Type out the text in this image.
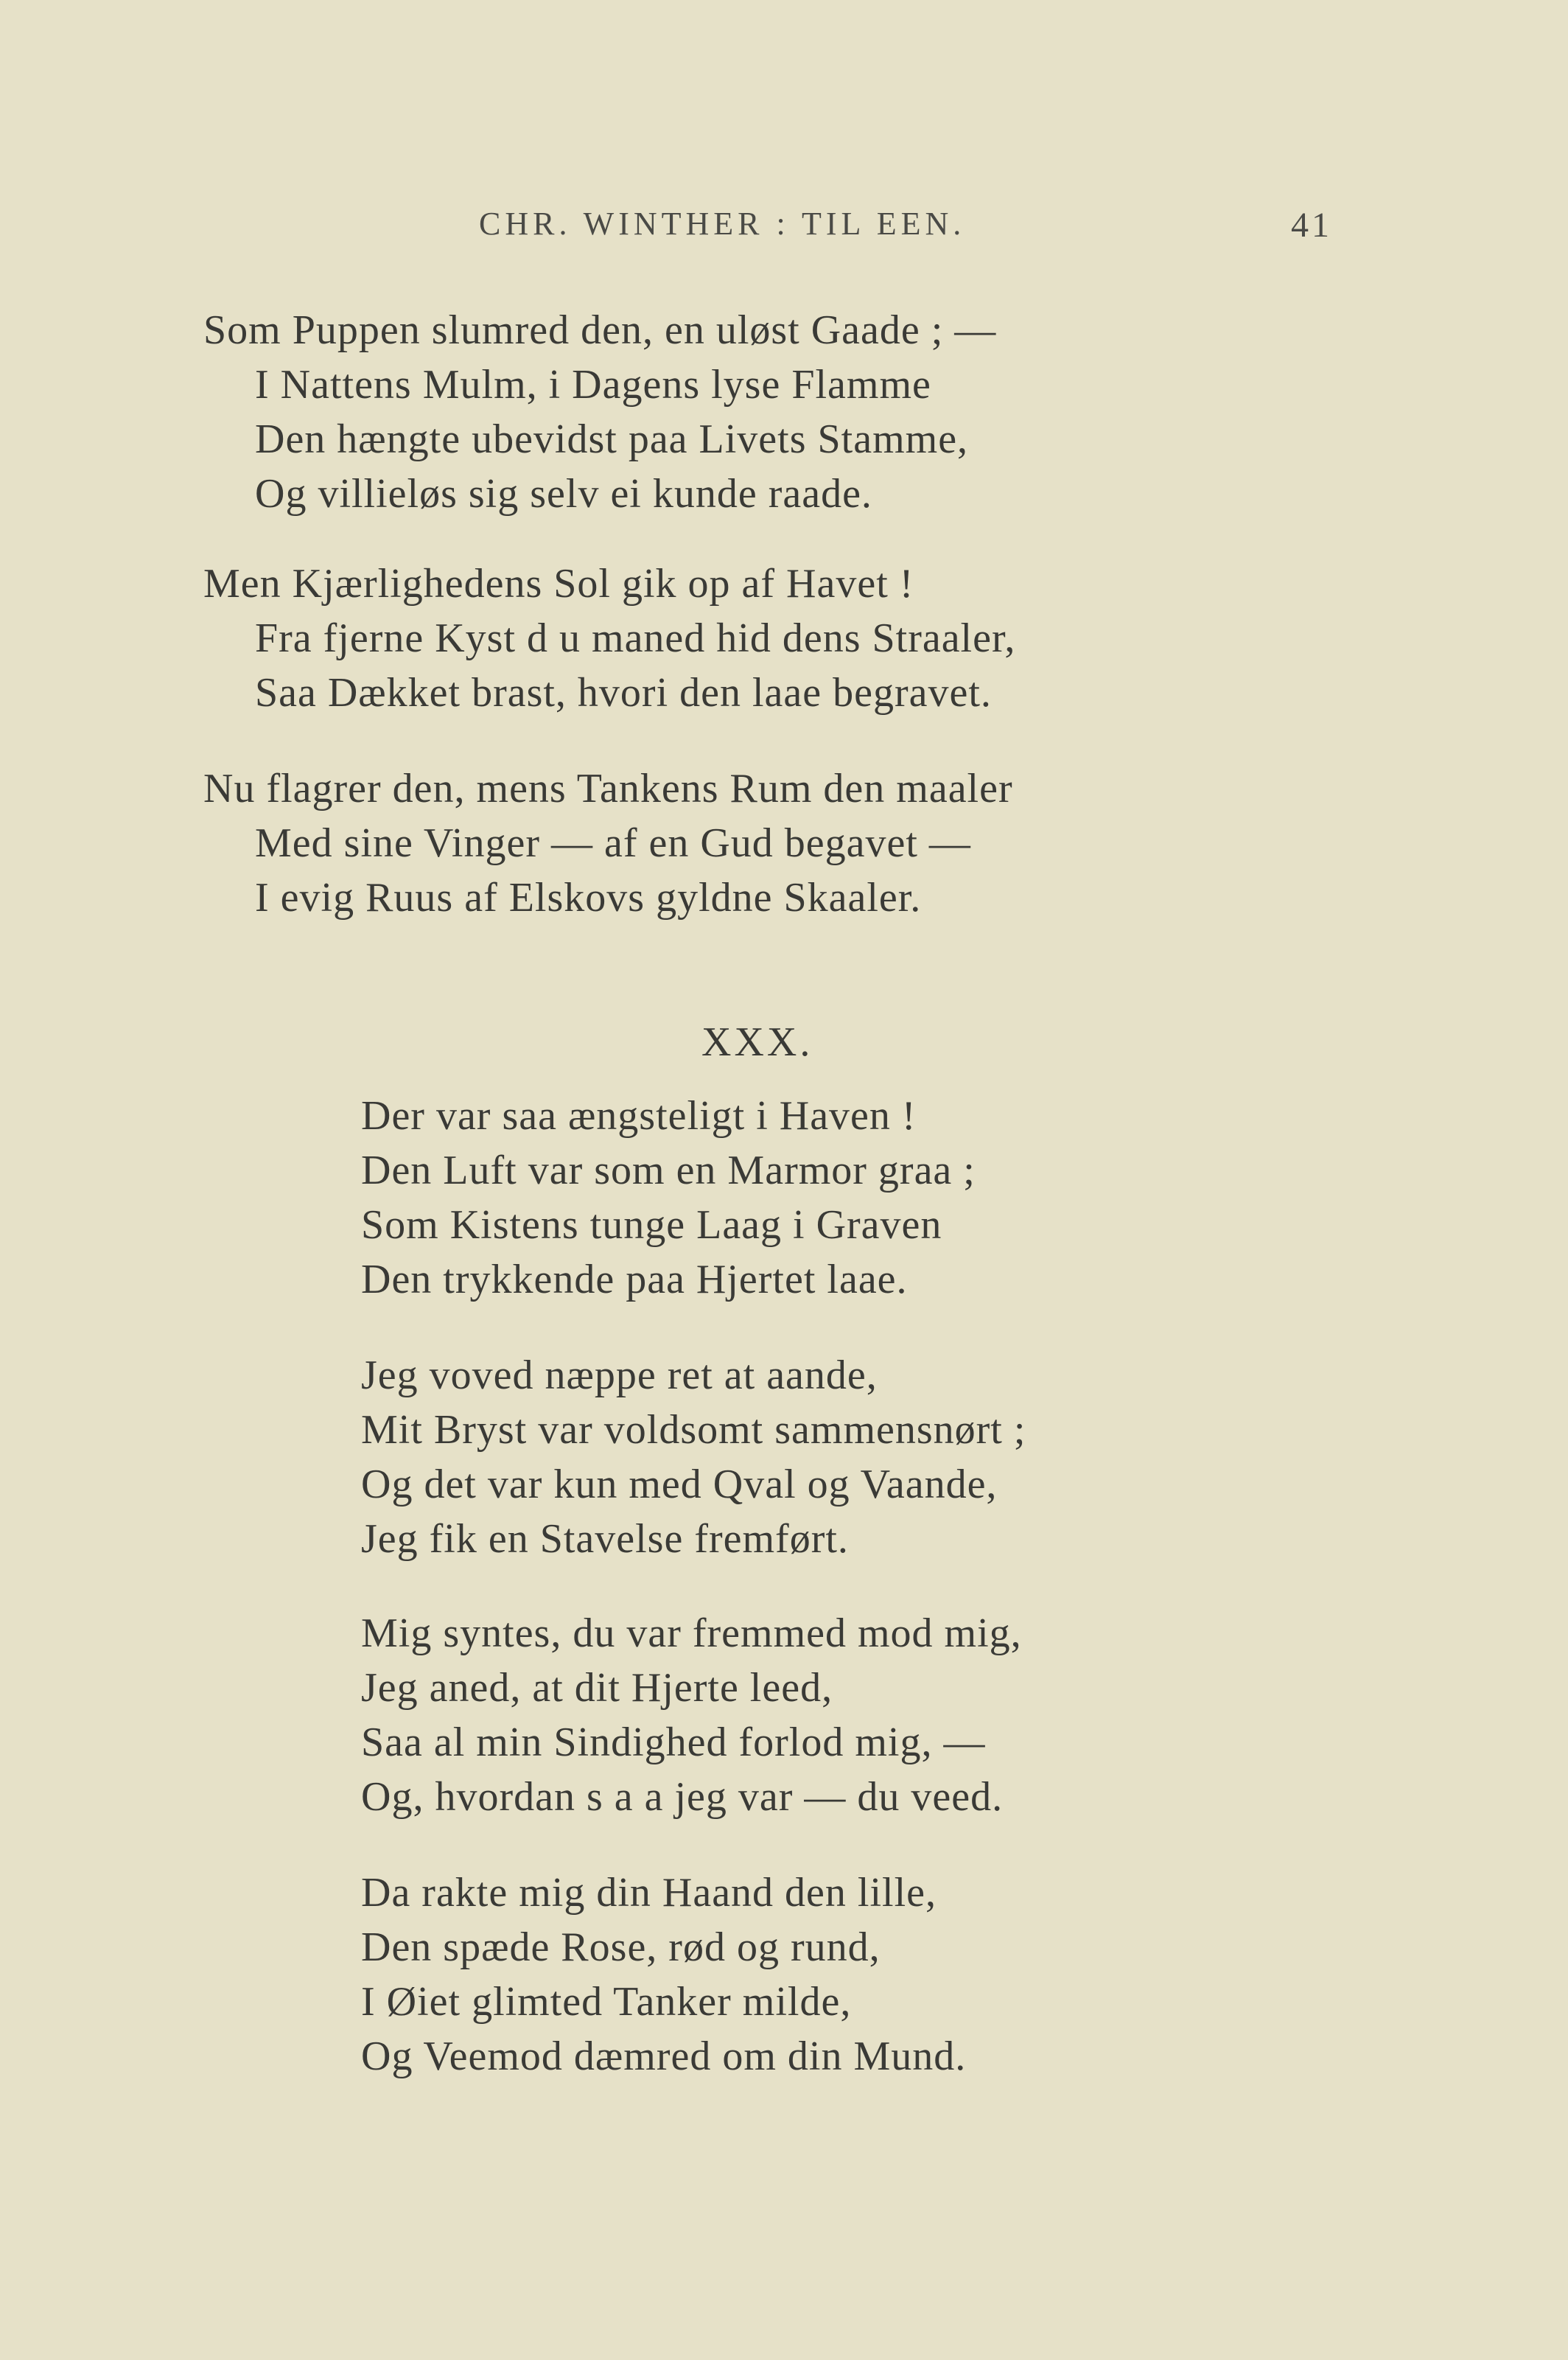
CHR. WINTHER : TIL EEN.	41
Som Puppen slumred den, en uløst Gaade ; —
I Nattens Mulm, i Dagens lyse Flamme
Den hængte ubevidst paa Livets Stamme,
Og villieløs sig selv ei kunde raade.
Men Kjærlighedens Sol gik op af Havet !
Fra fjerne Kyst d u maned hid dens Straaler,
Saa Dækket brast, hvori den laae begravet.
Nu flagrer den, mens Tankens Rum den maaler
Med sine Vinger — af en Gud begavet —
I evig Ruus af Elskovs gyldne Skaaler.
XXX.
Der var saa ængsteligt i Haven !
Den Luft var som en Marmor graa ;
Som Kistens tunge Laag i Graven
Den trykkende paa Hjertet laae.
Jeg voved næppe ret at aande,
Mit Bryst var voldsomt sammensnørt ;
Og det var kun med Qval og Vaande,
Jeg fik en Stavelse fremført.
Mig syntes, du var fremmed mod mig,
Jeg aned, at dit Hjerte leed,
Saa al min Sindighed forlod mig, —
Og, hvordan s a a jeg var — du veed.
Da rakte mig din Haand den lille,
Den spæde Rose, rød og rund,
I Øiet glimted Tanker milde,
Og Veemod dæmred om din Mund.
